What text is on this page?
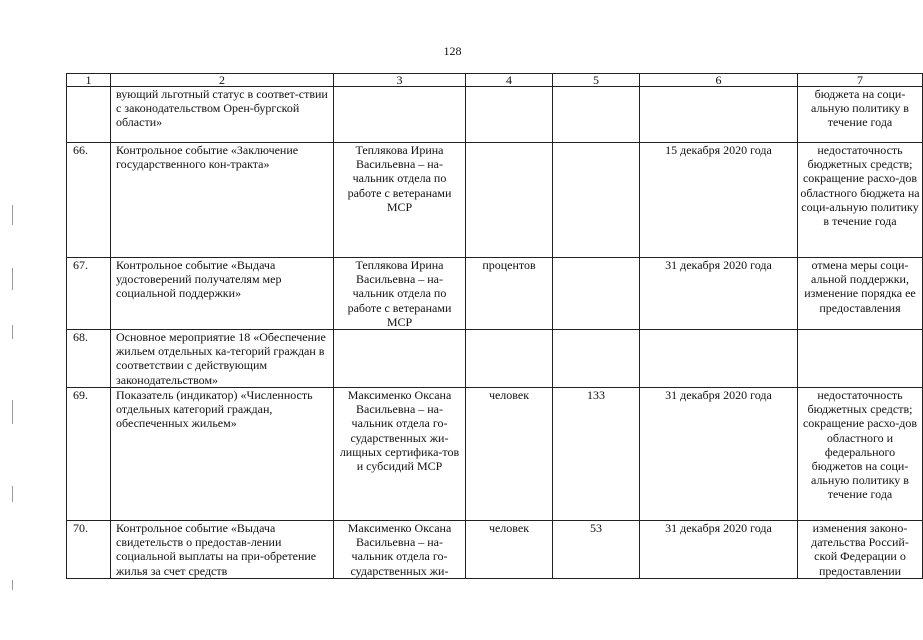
128
1	2	3	4	5	6	7
	вующий льготный статус в соответ-ствии с законодательством Орен-бургской области»					бюджета на соци-альную политику в течение года
66.	Контрольное событие «Заключение государственного кон-тракта»	Теплякова Ирина Васильевна – на-чальник отдела по работе с ветеранами МСР			15 декабря 2020 года	недостаточность бюджетных средств; сокращение расхо-дов областного бюджета на соци-альную политику в течение года
67.	Контрольное событие «Выдача удостоверений получателям мер социальной поддержки»	Теплякова Ирина Васильевна – на-чальник отдела по работе с ветеранами МСР	процентов		31 декабря 2020 года	отмена меры соци-альной поддержки, изменение порядка ее предоставления
68.	Основное мероприятие 18 «Обеспечение жильем отдельных ка-тегорий граждан в соответствии с действующим законодательством»					
69.	Показатель (индикатор) «Численность отдельных категорий граждан, обеспеченных жильем»	Максименко Оксана Васильевна – на-чальник отдела го-сударственных жи-лищных сертифика-тов и субсидий МСР	человек	133	31 декабря 2020 года	недостаточность бюджетных средств; сокращение расхо-дов областного и федерального бюджетов на соци-альную политику в течение года
70.	Контрольное событие «Выдача свидетельств о предостав-лении социальной выплаты на при-обретение жилья за счет средств	Максименко Оксана Васильевна – на-чальник отдела го-сударственных жи-	человек	53	31 декабря 2020 года	изменения законо-дательства Россий-ской Федерации о предоставлении
